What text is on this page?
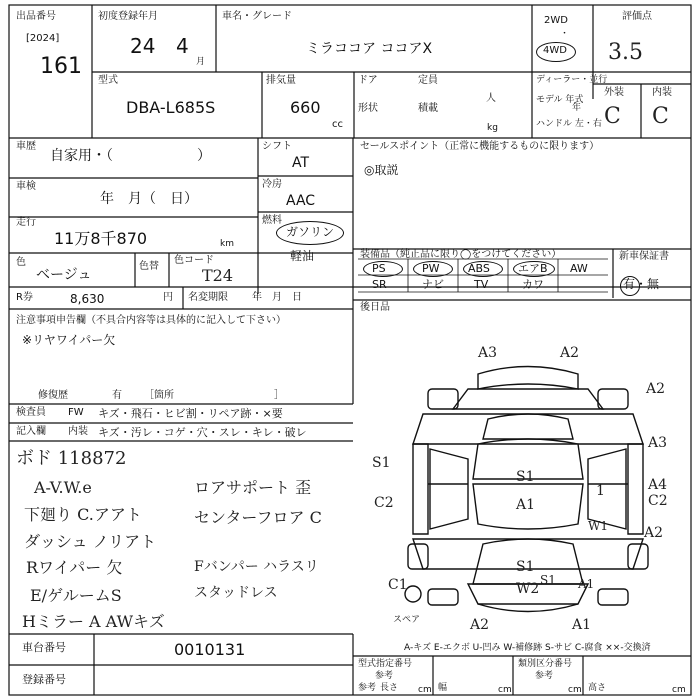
出品番号
[2024]
161
初度登録年月
24 4
月
車名・グレード
ミラココア ココアX
2WD
・
4WD
評価点
3.5
型式
DBA-L685S
排気量
660
cc
ドア	定員
人
形状	積載
kg
ディーラー・並行
モデル 年式
年
ハンドル 左・右
外装	内装
C C
車歴
自家用・（　　　　　　）
シフト
AT
車検
年　月（　日）
冷房
AAC
走行
11万8千870	km
燃料
ガソリン
軽油
色
ベージュ
色替
色コード
T24
R券	8,630	円 名変期限 年　月　日
セールスポイント（正常に機能するものに限ります）
◎取説
装備品（純正品に限り◯をつけてください）	新車保証書
有・無
PS	PW	ABS	エアB AW
SR	ナビ	TV	カワ
後日品
注意事項申告欄（不具合内容等は具体的に記入して下さい）
※リヤワイパー欠
修復歴	有 ［箇所　　　　　　　　　　］
検査員 FW キズ・飛石・ヒビ割・リペア跡・×要
記入欄 内装 キズ・汚レ・コゲ・穴・スレ・キレ・破レ
ボド 118872
A-V.W.e
下廻り C.アアト
ダッシュ ノリアト
Rワイパー 欠
E/ゲルームS
Hミラー A AWキズ
ロアサポート 歪
センターフロア C
Fバンパー ハラスリ
スタッドレス
A3	A2
A2
A3
A4
C2
S1
C2
S1
A1
1
W1	A2
S1
W2
C1
A2	A1
S1 A1
スペア
A-キズ E-エクボ U-凹み W-補修跡 S-サビ C-腐食 ××-交換済
車台番号	0010131
登録番号
型式指定番号
参考
類別区分番号
参考
参考 長さ cm 幅	cm	高さ
cm	cm
